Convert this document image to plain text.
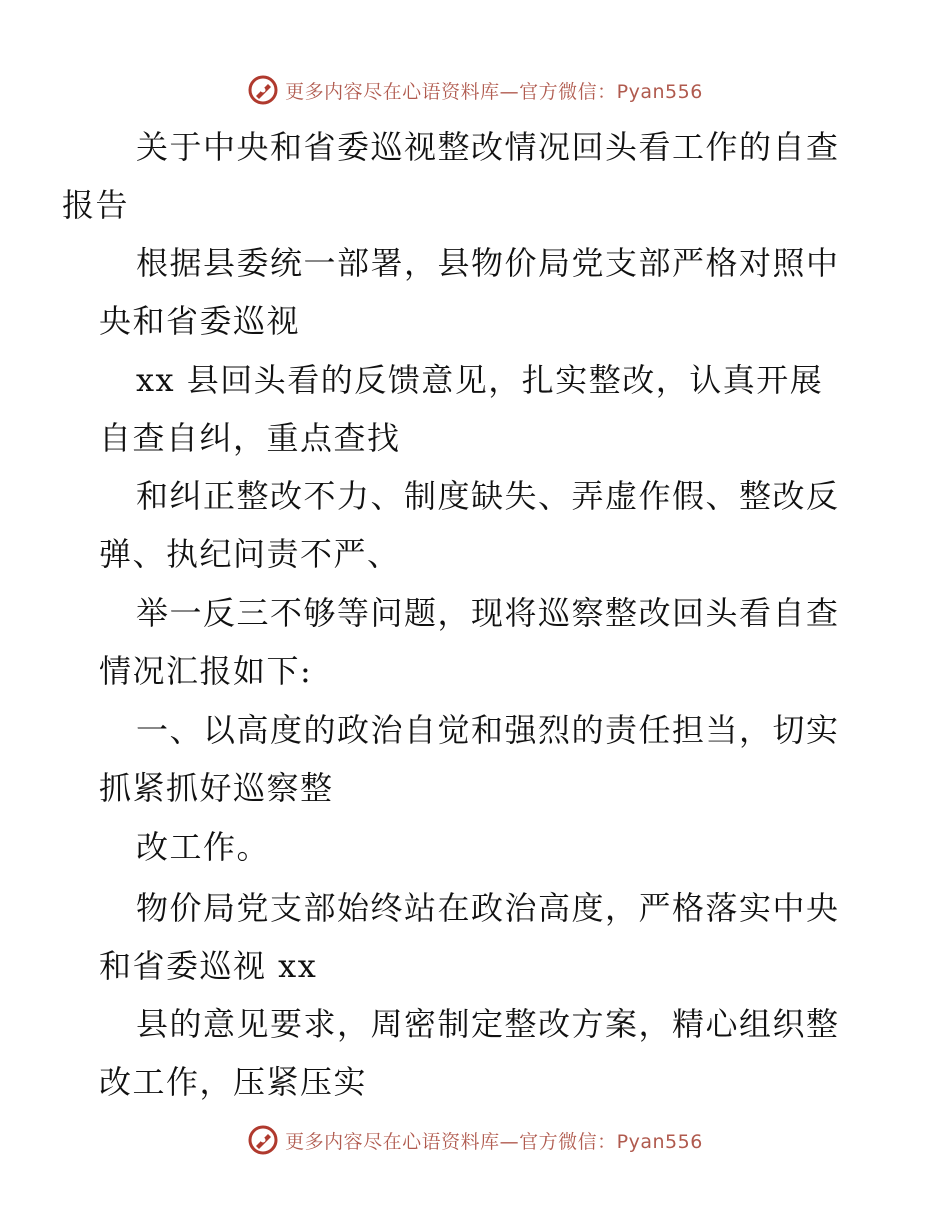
更多内容尽在心语资料库—官方微信：Pyan556
关于中央和省委巡视整改情况回头看工作的自查
报告
根据县委统一部署，县物价局党支部严格对照中
央和省委巡视
xx 县回头看的反馈意见，扎实整改，认真开展
自查自纠，重点查找
和纠正整改不力、制度缺失、弄虚作假、整改反
弹、执纪问责不严、
举一反三不够等问题，现将巡察整改回头看自查
情况汇报如下:
一、以高度的政治自觉和强烈的责任担当，切实
抓紧抓好巡察整
改工作。
物价局党支部始终站在政治高度，严格落实中央
和省委巡视 xx
县的意见要求，周密制定整改方案，精心组织整
改工作，压紧压实
更多内容尽在心语资料库—官方微信：Pyan556
